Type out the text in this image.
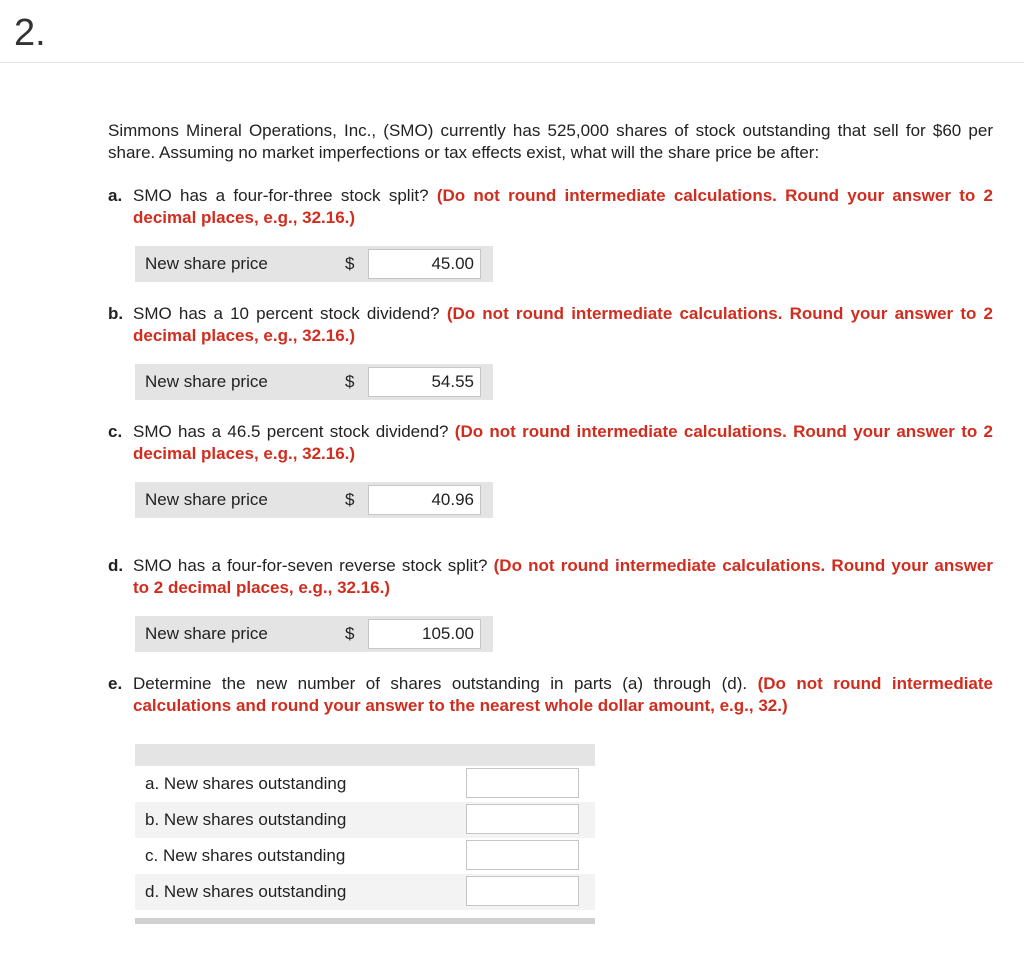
2.

Simmons Mineral Operations, Inc., (SMO) currently has 525,000 shares of stock outstanding that sell for $60 per share. Assuming no market imperfections or tax effects exist, what will the share price be after:

a. SMO has a four-for-three stock split? (Do not round intermediate calculations. Round your answer to 2 decimal places, e.g., 32.16.)
New share price	$	45.00
b. SMO has a 10 percent stock dividend? (Do not round intermediate calculations. Round your answer to 2 decimal places, e.g., 32.16.)
New share price	$	54.55
c. SMO has a 46.5 percent stock dividend? (Do not round intermediate calculations. Round your answer to 2 decimal places, e.g., 32.16.)
New share price	$	40.96
d. SMO has a four-for-seven reverse stock split? (Do not round intermediate calculations. Round your answer to 2 decimal places, e.g., 32.16.)
New share price	$	105.00
e. Determine the new number of shares outstanding in parts (a) through (d). (Do not round intermediate calculations and round your answer to the nearest whole dollar amount, e.g., 32.)
a. New shares outstanding
b. New shares outstanding
c. New shares outstanding
d. New shares outstanding
